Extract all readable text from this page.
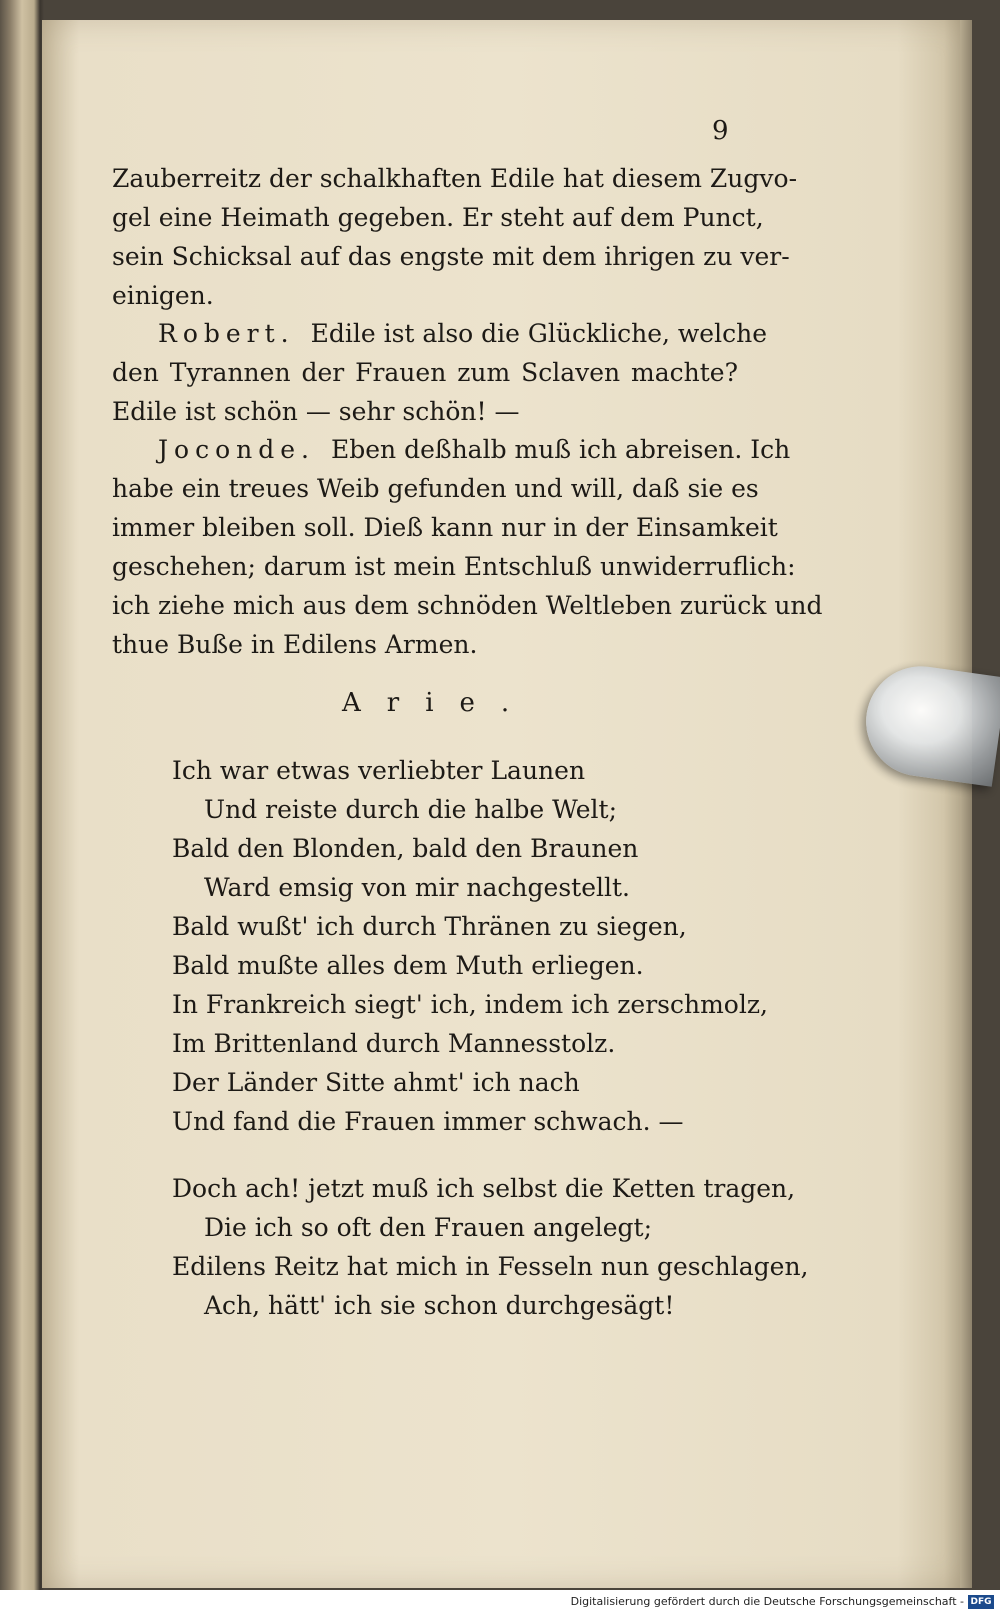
9
Zauberreitz der schalkhaften Edile hat diesem Zugvo-
gel eine Heimath gegeben. Er steht auf dem Punct,
sein Schicksal auf das engste mit dem ihrigen zu ver-
einigen.
Robert. Edile ist also die Glückliche, welche
den Tyrannen der Frauen zum Sclaven machte?
Edile ist schön — sehr schön! —
Joconde. Eben deßhalb muß ich abreisen. Ich
habe ein treues Weib gefunden und will, daß sie es
immer bleiben soll. Dieß kann nur in der Einsamkeit
geschehen; darum ist mein Entschluß unwiderruflich:
ich ziehe mich aus dem schnöden Weltleben zurück und
thue Buße in Edilens Armen.
Arie.
Ich war etwas verliebter Launen
Und reiste durch die halbe Welt;
Bald den Blonden, bald den Braunen
Ward emsig von mir nachgestellt.
Bald wußt' ich durch Thränen zu siegen,
Bald mußte alles dem Muth erliegen.
In Frankreich siegt' ich, indem ich zerschmolz,
Im Brittenland durch Mannesstolz.
Der Länder Sitte ahmt' ich nach
Und fand die Frauen immer schwach. —
Doch ach! jetzt muß ich selbst die Ketten tragen,
Die ich so oft den Frauen angelegt;
Edilens Reitz hat mich in Fesseln nun geschlagen,
Ach, hätt' ich sie schon durchgesägt!
Digitalisierung gefördert durch die Deutsche Forschungsgemeinschaft - DFG
